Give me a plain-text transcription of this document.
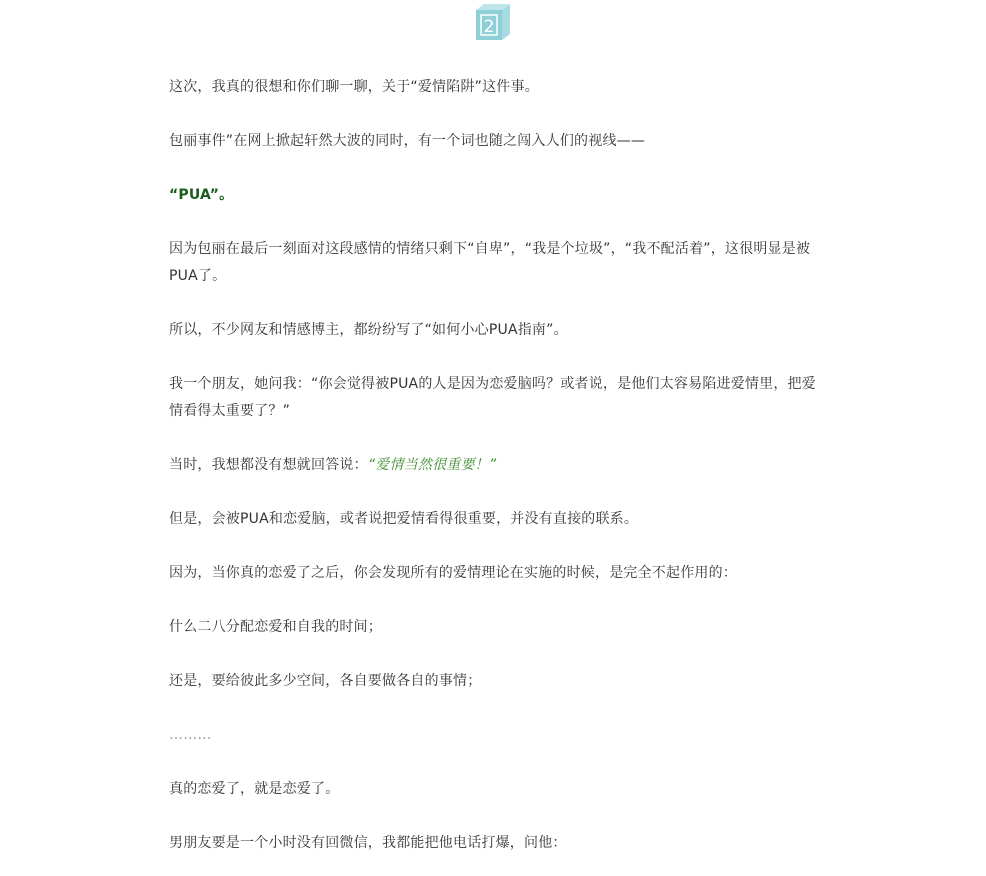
2

这次，我真的很想和你们聊一聊，关于“爱情陷阱”这件事。

包丽事件”在网上掀起轩然大波的同时，有一个词也随之闯入人们的视线——

“PUA”。

因为包丽在最后一刻面对这段感情的情绪只剩下“自卑”，“我是个垃圾”，“我不配活着”，这很明显是被PUA了。

所以，不少网友和情感博主，都纷纷写了“如何小心PUA指南”。

我一个朋友，她问我：“你会觉得被PUA的人是因为恋爱脑吗？或者说，是他们太容易陷进爱情里，把爱情看得太重要了？”

当时，我想都没有想就回答说：“爱情当然很重要！”

但是，会被PUA和恋爱脑，或者说把爱情看得很重要，并没有直接的联系。

因为，当你真的恋爱了之后，你会发现所有的爱情理论在实施的时候，是完全不起作用的：

什么二八分配恋爱和自我的时间；

还是，要给彼此多少空间，各自要做各自的事情；

………

真的恋爱了，就是恋爱了。

男朋友要是一个小时没有回微信，我都能把他电话打爆，问他：
